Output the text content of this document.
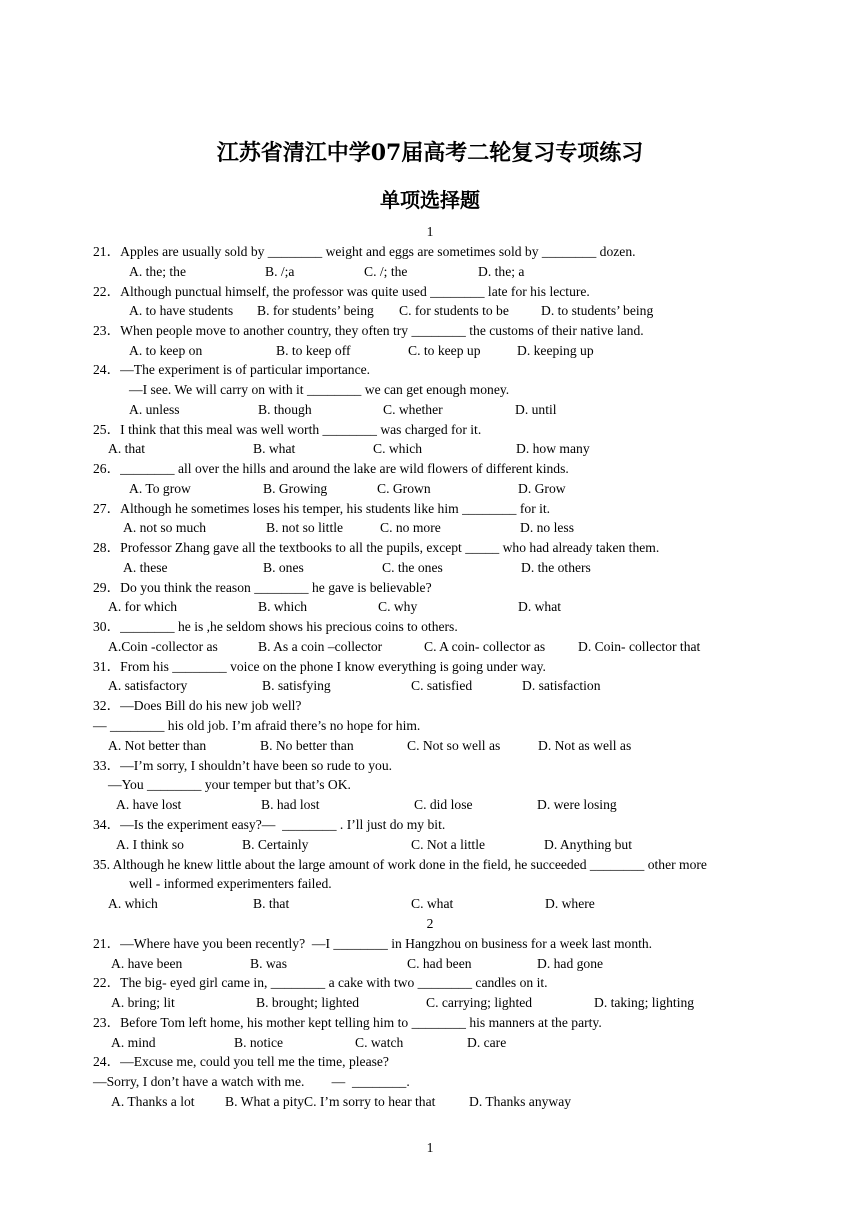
江苏省清江中学07届高考二轮复习专项练习
单项选择题
1
21．Apples are usually sold by ________ weight and eggs are sometimes sold by ________ dozen.
A. the; the	B. /;a	C. /; the	D. the; a
22．Although punctual himself, the professor was quite used ________ late for his lecture.
A. to have students B. for students’ being C. for students to be D. to students’ being
23．When people move to another country, they often try ________ the customs of their native land.
A. to keep on	B. to keep off	C. to keep up	D. keeping up
24．—The experiment is of particular importance.
—I see. We will carry on with it ________ we can get enough money.
A. unless	B. though	C. whether	D. until
25．I think that this meal was well worth ________ was charged for it.
A. that	B. what	C. which	D. how many
26．________ all over the hills and around the lake are wild flowers of different kinds.
A. To grow	B. Growing	C. Grown	D. Grow
27．Although he sometimes loses his temper, his students like him ________ for it.
A. not so much	B. not so little	C. no more	D. no less
28．Professor Zhang gave all the textbooks to all the pupils, except _____ who had already taken them.
A. these	B. ones	C. the ones	D. the others
29．Do you think the reason ________ he gave is believable?
A. for which	B. which	C. why	D. what
30．________ he is ,he seldom shows his precious coins to others.
A.Coin -collector as	B. As a coin –collector	C. A coin- collector as D. Coin- collector that
31．From his ________ voice on the phone I know everything is going under way.
A. satisfactory	B. satisfying	C. satisfied	D. satisfaction
32．—Does Bill do his new job well?
— ________ his old job. I’m afraid there’s no hope for him.
A. Not better than	B. No better than	C. Not so well as	D. Not as well as
33．—I’m sorry, I shouldn’t have been so rude to you.
—You ________ your temper but that’s OK.
A. have lost	B. had lost	C. did lose	D. were losing
34．—Is the experiment easy?—  ________ . I’ll just do my bit.
A. I think so	B. Certainly	C. Not a little	D. Anything but
35. Although he knew little about the large amount of work done in the field, he succeeded ________ other more
well - informed experimenters failed.
A. which	B. that	C. what	D. where
2
21．—Where have you been recently?  —I ________ in Hangzhou on business for a week last month.
A. have been	B. was	C. had been	D. had gone
22．The big- eyed girl came in, ________ a cake with two ________ candles on it.
A. bring; lit	B. brought; lighted	C. carrying; lighted	D. taking; lighting
23．Before Tom left home, his mother kept telling him to ________ his manners at the party.
A. mind	B. notice	C. watch	D. care
24．—Excuse me, could you tell me the time, please?
—Sorry, I don’t have a watch with me.        —  ________.
A. Thanks a lot B. What a pityC. I’m sorry to hear that D. Thanks anyway
1
